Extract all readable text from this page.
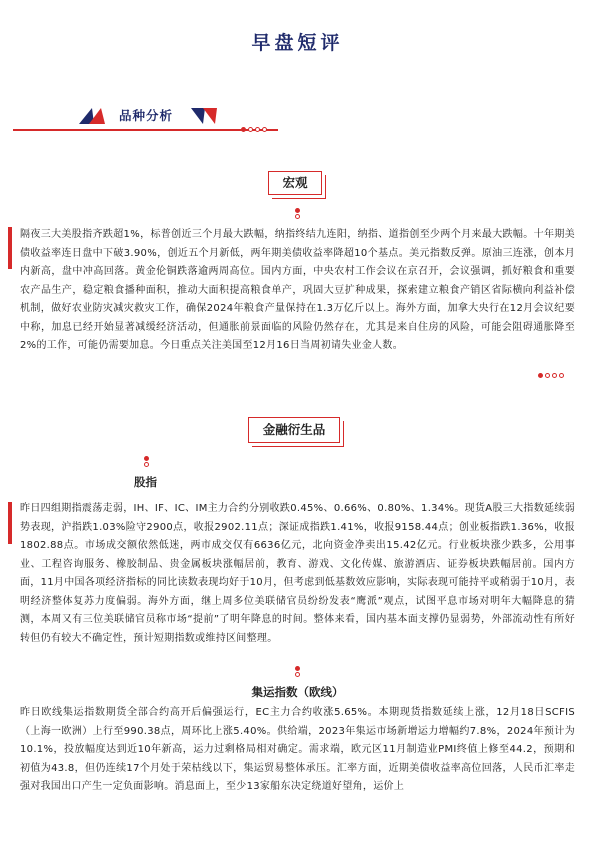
早盘短评
品种分析
宏观
隔夜三大美股指齐跌超1%，标普创近三个月最大跌幅，纳指终结九连阳，纳指、道指创至少两个月来最大跌幅。十年期美债收益率连日盘中下破3.90%，创近五个月新低，两年期美债收益率降超10个基点。美元指数反弹。原油三连涨，创本月内新高，盘中冲高回落。黄金伦铜跌落逾两周高位。国内方面，中央农村工作会议在京召开，会议强调，抓好粮食和重要农产品生产，稳定粮食播种面积，推动大面积提高粮食单产，巩固大豆扩种成果，探索建立粮食产销区省际横向利益补偿机制，做好农业防灾减灾救灾工作，确保2024年粮食产量保持在1.3万亿斤以上。海外方面，加拿大央行在12月会议纪要中称，加息已经开始显著减缓经济活动，但通胀前景面临的风险仍然存在，尤其是来自住房的风险，可能会阻碍通胀降至2%的工作，可能仍需要加息。今日重点关注美国至12月16日当周初请失业金人数。
金融衍生品
股指
昨日四组期指震荡走弱，IH、IF、IC、IM主力合约分别收跌0.45%、0.66%、0.80%、1.34%。现货A股三大指数延续弱势表现，沪指跌1.03%险守2900点，收报2902.11点；深证成指跌1.41%，收报9158.44点；创业板指跌1.36%，收报1802.88点。市场成交额依然低迷，两市成交仅有6636亿元，北向资金净卖出15.42亿元。行业板块涨少跌多，公用事业、工程咨询服务、橡胶制品、贵金属板块涨幅居前，教育、游戏、文化传媒、旅游酒店、证券板块跌幅居前。国内方面，11月中国各项经济指标的同比读数表现均好于10月，但考虑到低基数效应影响，实际表现可能持平或稍弱于10月，表明经济整体复苏力度偏弱。海外方面，继上周多位美联储官员纷纷发表“鹰派”观点，试图平息市场对明年大幅降息的猜测，本周又有三位美联储官员称市场“提前”了明年降息的时间。整体来看，国内基本面支撑仍显弱势，外部流动性有所好转但仍有较大不确定性，预计短期指数或维持区间整理。
集运指数（欧线）
昨日欧线集运指数期货全部合约高开后偏强运行，EC主力合约收涨5.65%。本期现货指数延续上涨，12月18日SCFIS（上海一欧洲）上行至990.38点，周环比上涨5.40%。供给端，2023年集运市场新增运力增幅约7.8%，2024年预计为10.1%，投放幅度达到近10年新高，运力过剩格局相对确定。需求端，欧元区11月制造业PMI终值上修至44.2，预期和初值为43.8，但仍连续17个月处于荣枯线以下，集运贸易整体承压。汇率方面，近期美债收益率高位回落，人民币汇率走强对我国出口产生一定负面影响。消息面上，至少13家船东决定绕道好望角，运价上
